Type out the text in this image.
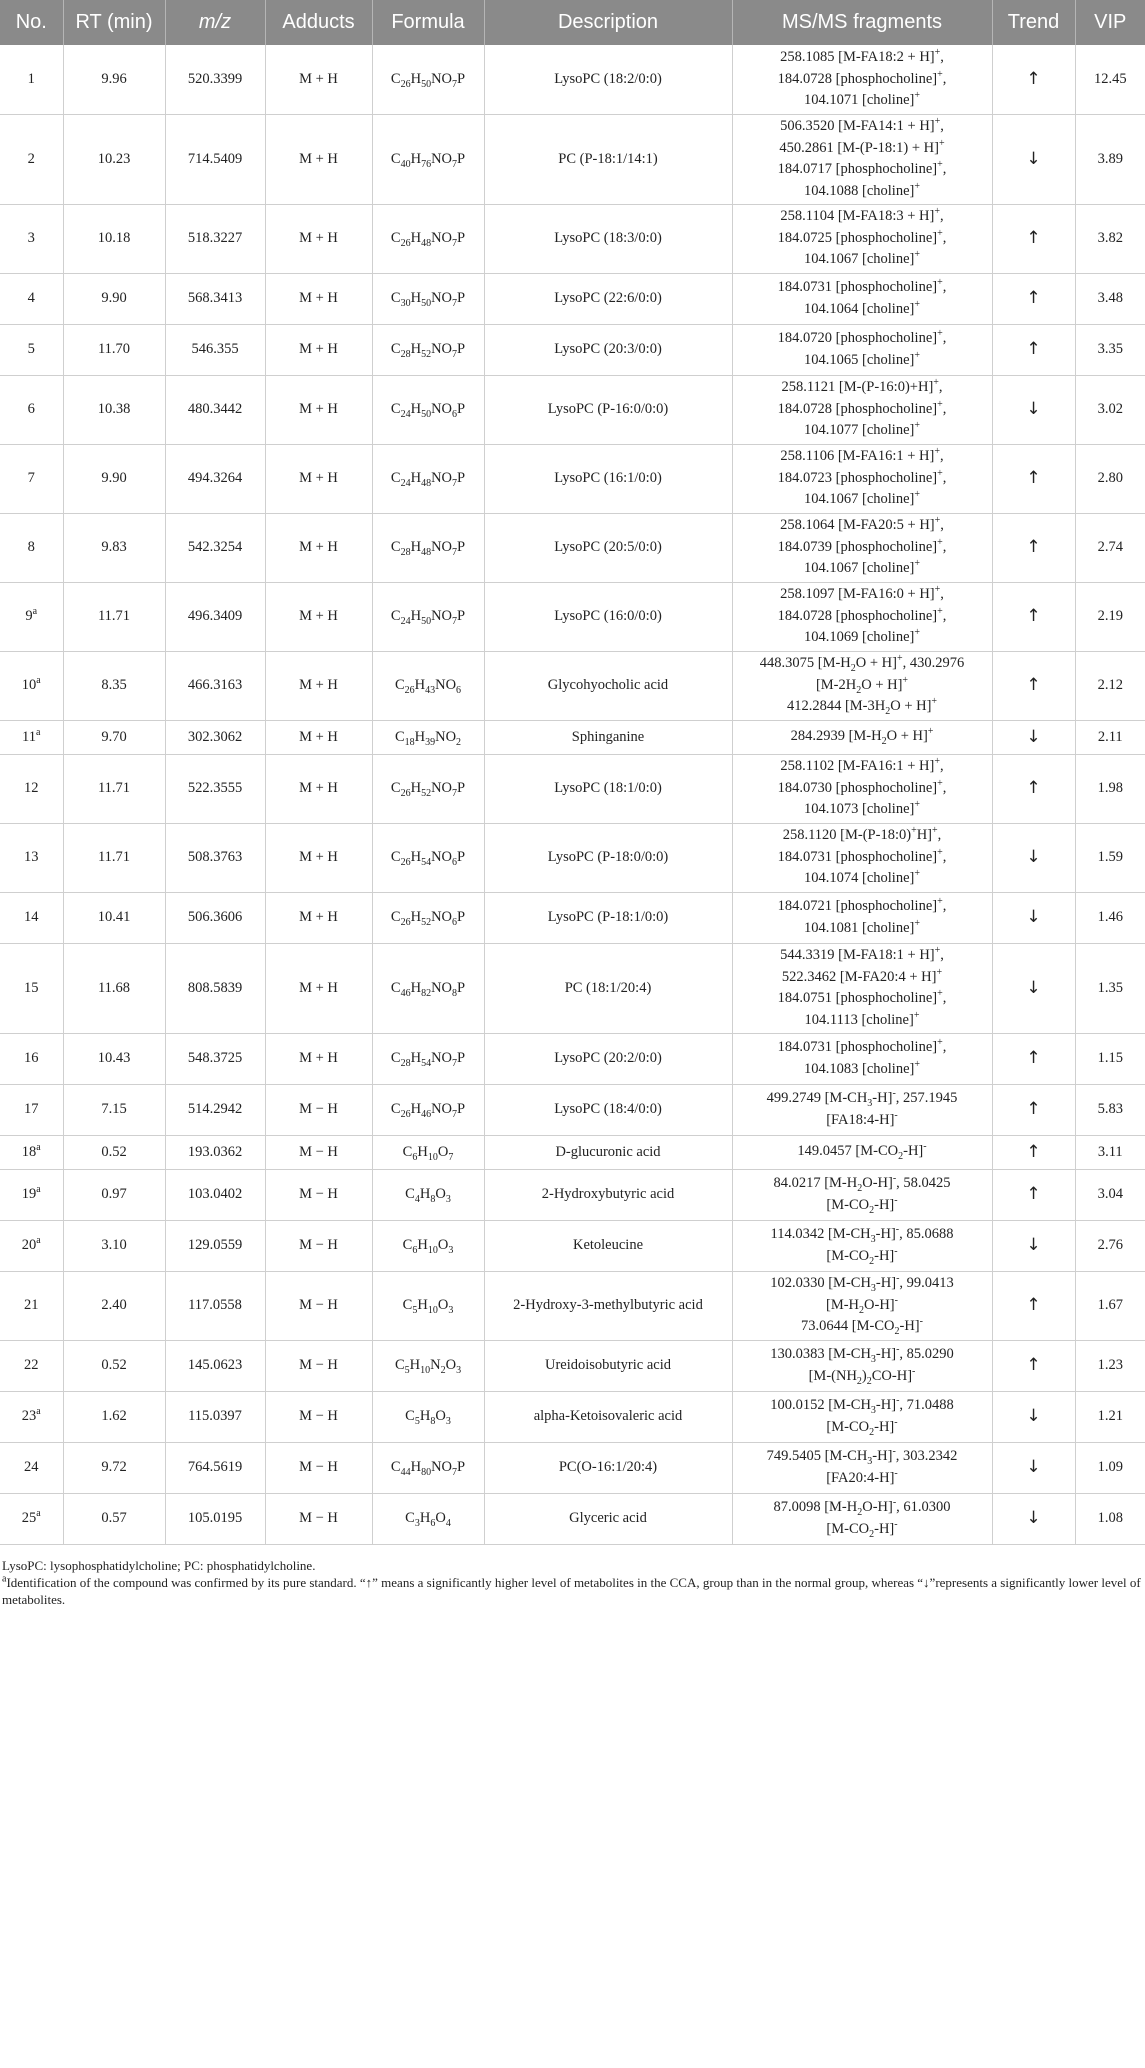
No.	RT (min)	m/z	Adducts	Formula	Description	MS/MS fragments	Trend	VIP
1	9.96	520.3399	M + H	$C_{26}H_{50}NO_7P$	LysoPC (18:2/0:0)	258.1085 [M-FA18:2 + H]+,
184.0728 [phosphocholine]+,
104.1071 [choline]+	↑	12.45
2	10.23	714.5409	M + H	$C_{40}H_{76}NO_7P$	PC (P-18:1/14:1)	506.3520 [M-FA14:1 + H]+,
450.2861 [M-(P-18:1) + H]+
184.0717 [phosphocholine]+,
104.1088 [choline]+	↓	3.89
3	10.18	518.3227	M + H	$C_{26}H_{48}NO_7P$	LysoPC (18:3/0:0)	258.1104 [M-FA18:3 + H]+,
184.0725 [phosphocholine]+,
104.1067 [choline]+	↑	3.82
4	9.90	568.3413	M + H	$C_{30}H_{50}NO_7P$	LysoPC (22:6/0:0)	184.0731 [phosphocholine]+,
104.1064 [choline]+	↑	3.48
5	11.70	546.355	M + H	$C_{28}H_{52}NO_7P$	LysoPC (20:3/0:0)	184.0720 [phosphocholine]+,
104.1065 [choline]+	↑	3.35
6	10.38	480.3442	M + H	$C_{24}H_{50}NO_6P$	LysoPC (P-16:0/0:0)	258.1121 [M-(P-16:0)+H]+,
184.0728 [phosphocholine]+,
104.1077 [choline]+	↓	3.02
7	9.90	494.3264	M + H	$C_{24}H_{48}NO_7P$	LysoPC (16:1/0:0)	258.1106 [M-FA16:1 + H]+,
184.0723 [phosphocholine]+,
104.1067 [choline]+	↑	2.80
8	9.83	542.3254	M + H	$C_{28}H_{48}NO_7P$	LysoPC (20:5/0:0)	258.1064 [M-FA20:5 + H]+,
184.0739 [phosphocholine]+,
104.1067 [choline]+	↑	2.74
9$^a$	11.71	496.3409	M + H	$C_{24}H_{50}NO_7P$	LysoPC (16:0/0:0)	258.1097 [M-FA16:0 + H]+,
184.0728 [phosphocholine]+,
104.1069 [choline]+	↑	2.19
10$^a$	8.35	466.3163	M + H	$C_{26}H_{43}NO_6$	Glycohyocholic acid	448.3075 $[M-H_2O + H]^+$, 430.2976
$[M-2H_2O + H]^+$
412.2844 $[M-3H_2O + H]^+$	↑	2.12
11$^a$	9.70	302.3062	M + H	$C_{18}H_{39}NO_2$	Sphinganine	284.2939 $[M-H_2O + H]^+$	↓	2.11
12	11.71	522.3555	M + H	$C_{26}H_{52}NO_7P$	LysoPC (18:1/0:0)	258.1102 [M-FA16:1 + H]+,
184.0730 [phosphocholine]+,
104.1073 [choline]+	↑	1.98
13	11.71	508.3763	M + H	$C_{26}H_{54}NO_6P$	LysoPC (P-18:0/0:0)	258.1120 [M-(P-18:0)+H]+,
184.0731 [phosphocholine]+,
104.1074 [choline]+	↓	1.59
14	10.41	506.3606	M + H	$C_{26}H_{52}NO_6P$	LysoPC (P-18:1/0:0)	184.0721 [phosphocholine]+,
104.1081 [choline]+	↓	1.46
15	11.68	808.5839	M + H	$C_{46}H_{82}NO_8P$	PC (18:1/20:4)	544.3319 [M-FA18:1 + H]+,
522.3462 [M-FA20:4 + H]+
184.0751 [phosphocholine]+,
104.1113 [choline]+	↓	1.35
16	10.43	548.3725	M + H	$C_{28}H_{54}NO_7P$	LysoPC (20:2/0:0)	184.0731 [phosphocholine]+,
104.1083 [choline]+	↑	1.15
17	7.15	514.2942	M − H	$C_{26}H_{46}NO_7P$	LysoPC (18:4/0:0)	499.2749 $[M-CH_3-H]^-$, 257.1945
[FA18:4-H]-	↑	5.83
18$^a$	0.52	193.0362	M − H	$C_6H_{10}O_7$	D-glucuronic acid	149.0457 $[M-CO_2-H]^-$	↑	3.11
19$^a$	0.97	103.0402	M − H	$C_4H_8O_3$	2-Hydroxybutyric acid	84.0217 $[M-H_2O-H]^-$, 58.0425
$[M-CO_2-H]^-$	↑	3.04
20$^a$	3.10	129.0559	M − H	$C_6H_{10}O_3$	Ketoleucine	114.0342 $[M-CH_3-H]^-$, 85.0688
$[M-CO_2-H]^-$	↓	2.76
21	2.40	117.0558	M − H	$C_5H_{10}O_3$	2-Hydroxy-3-methylbutyric acid	102.0330 $[M-CH_3-H]^-$, 99.0413
$[M-H_2O-H]^-$
73.0644 $[M-CO_2-H]^-$	↑	1.67
22	0.52	145.0623	M − H	$C_5H_{10}N_2O_3$	Ureidoisobutyric acid	130.0383 $[M-CH_3-H]^-$, 85.0290
$[M-(NH_2)_2CO-H]^-$	↑	1.23
23$^a$	1.62	115.0397	M − H	$C_5H_8O_3$	alpha-Ketoisovaleric acid	100.0152 $[M-CH_3-H]^-$, 71.0488
$[M-CO_2-H]^-$	↓	1.21
24	9.72	764.5619	M − H	$C_{44}H_{80}NO_7P$	PC(O-16:1/20:4)	749.5405 $[M-CH_3-H]^-$, 303.2342
[FA20:4-H]-	↓	1.09
25$^a$	0.57	105.0195	M − H	$C_3H_6O_4$	Glyceric acid	87.0098 $[M-H_2O-H]^-$, 61.0300
$[M-CO_2-H]^-$	↓	1.08
LysoPC: lysophosphatidylcholine; PC: phosphatidylcholine.
$^a$Identification of the compound was confirmed by its pure standard. “↑” means a significantly higher level of metabolites in the CCA, group than in the normal group, whereas “↓”represents a significantly lower level of metabolites.
